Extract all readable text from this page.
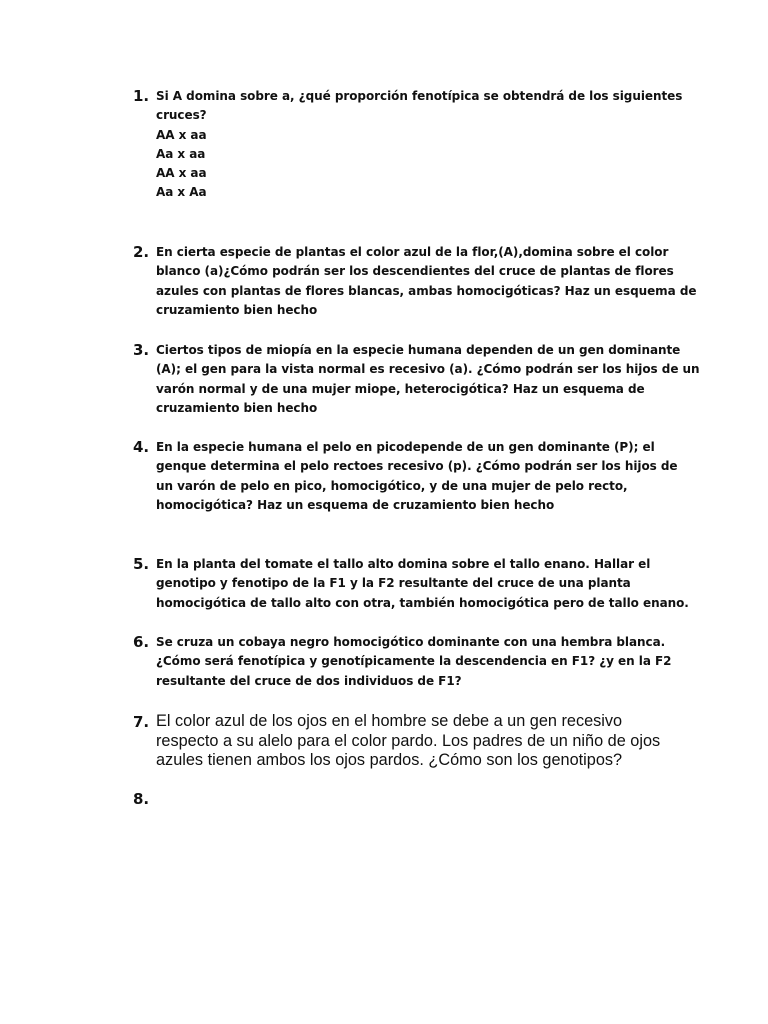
1. Si A domina sobre a, ¿qué proporción fenotípica se obtendrá de los siguientes
cruces?
AA x aa
Aa x aa
AA x aa
Aa x Aa
2. En cierta especie de plantas el color azul de la flor,(A),domina sobre el color
blanco (a)¿Cómo podrán ser los descendientes del cruce de plantas de flores
azules con plantas de flores blancas, ambas homocigóticas? Haz un esquema de
cruzamiento bien hecho
3. Ciertos tipos de miopía en la especie humana dependen de un gen dominante
(A); el gen para la vista normal es recesivo (a). ¿Cómo podrán ser los hijos de un
varón normal y de una mujer miope, heterocigótica? Haz un esquema de
cruzamiento bien hecho
4. En la especie humana el pelo en picodepende de un gen dominante (P); el
genque determina el pelo rectoes recesivo (p). ¿Cómo podrán ser los hijos de
un varón de pelo en pico, homocigótico, y de una mujer de pelo recto,
homocigótica? Haz un esquema de cruzamiento bien hecho
5. En la planta del tomate el tallo alto domina sobre el tallo enano. Hallar el
genotipo y fenotipo de la F1 y la F2 resultante del cruce de una planta
homocigótica de tallo alto con otra, también homocigótica pero de tallo enano.
6. Se cruza un cobaya negro homocigótico dominante con una hembra blanca.
¿Cómo será fenotípica y genotípicamente la descendencia en F1? ¿y en la F2
resultante del cruce de dos individuos de F1?
7. El color azul de los ojos en el hombre se debe a un gen recesivo
respecto a su alelo para el color pardo. Los padres de un niño de ojos
azules tienen ambos los ojos pardos. ¿Cómo son los genotipos?
8.
